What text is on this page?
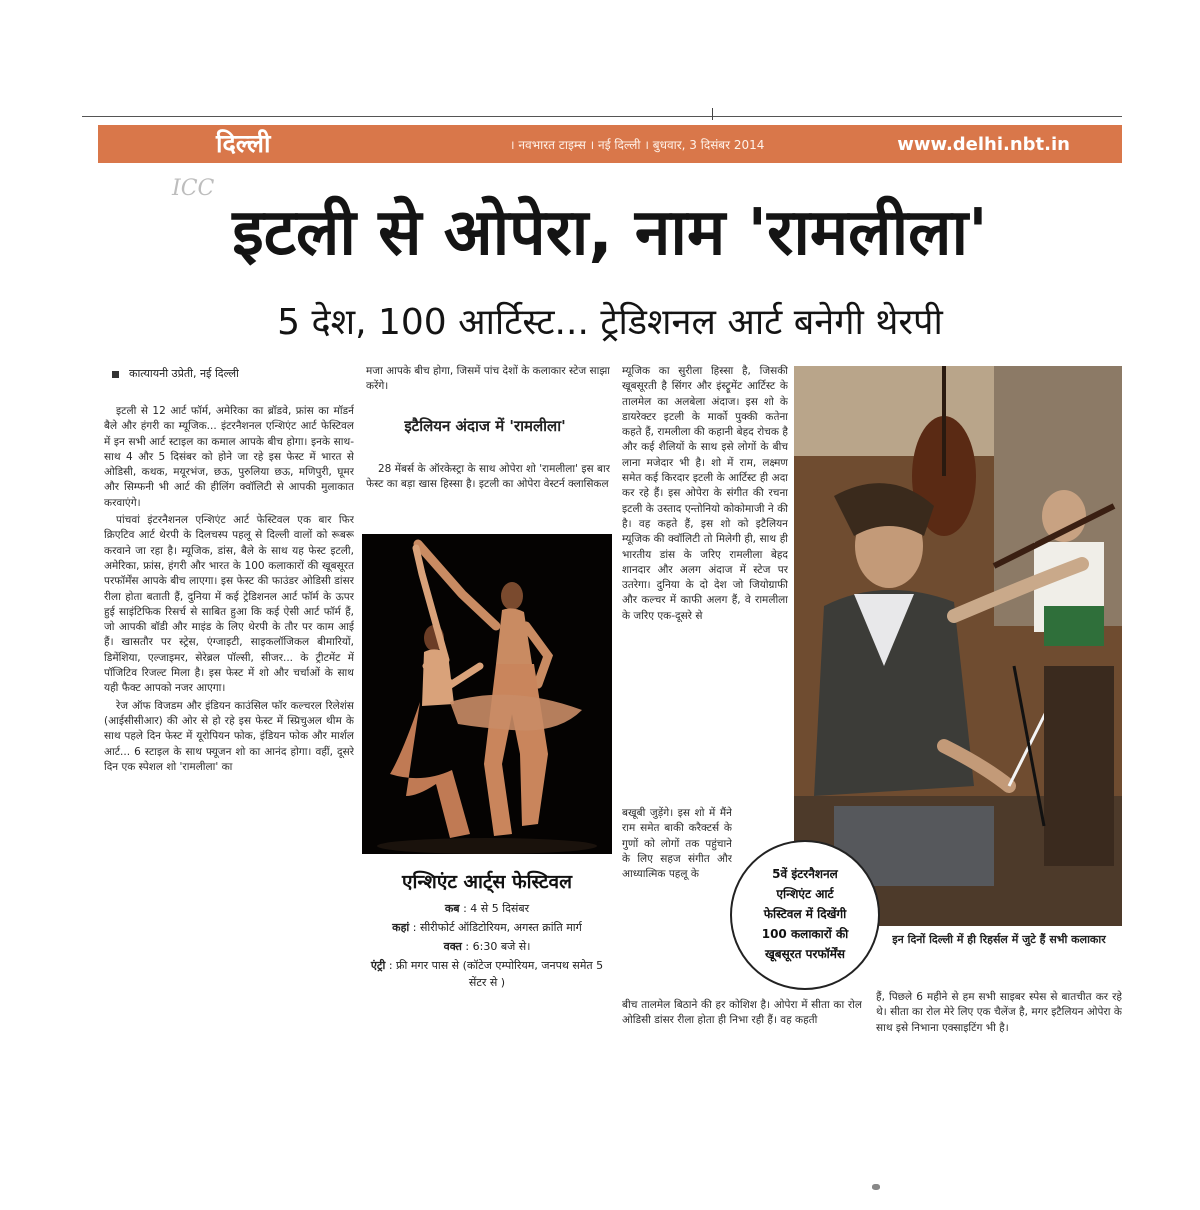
दिल्ली	। नवभारत टाइम्स । नई दिल्ली । बुधवार, 3 दिसंबर 2014	www.delhi.nbt.in
ICC
इटली से ओपेरा, नाम 'रामलीला'
5 देश, 100 आर्टिस्ट... ट्रेडिशनल आर्ट बनेगी थेरपी
कात्यायनी उप्रेती, नई दिल्ली

इटली से 12 आर्ट फॉर्म, अमेरिका का ब्रॉडवे, फ्रांस का मॉडर्न बैले और हंगरी का म्यूजिक... इंटरनैशनल एन्शिएंट आर्ट फेस्टिवल में इन सभी आर्ट स्टाइल का कमाल आपके बीच होगा। इनके साथ-साथ 4 और 5 दिसंबर को होने जा रहे इस फेस्ट में भारत से ओडिसी, कथक, मयूरभंज, छऊ, पुरुलिया छऊ, मणिपुरी, घूमर और सिम्फनी भी आर्ट की हीलिंग क्वॉलिटी से आपकी मुलाकात करवाएंगे।

पांचवां इंटरनैशनल एन्शिएंट आर्ट फेस्टिवल एक बार फिर क्रिएटिव आर्ट थेरपी के दिलचस्प पहलू से दिल्ली वालों को रूबरू करवाने जा रहा है। म्यूजिक, डांस, बैले के साथ यह फेस्ट इटली, अमेरिका, फ्रांस, हंगरी और भारत के 100 कलाकारों की खूबसूरत परफॉर्मेंस आपके बीच लाएगा। इस फेस्ट की फाउंडर ओडिसी डांसर रीला होता बताती हैं, दुनिया में कई ट्रेडिशनल आर्ट फॉर्म के ऊपर हुई साइंटिफिक रिसर्च से साबित हुआ कि कई ऐसी आर्ट फॉर्म हैं, जो आपकी बॉडी और माइंड के लिए थेरपी के तौर पर काम आई हैं। खासतौर पर स्ट्रेस, एंग्जाइटी, साइकलॉजिकल बीमारियों, डिमेंशिया, एल्जाइमर, सेरेब्रल पॉल्सी, सीजर... के ट्रीटमेंट में पॉजिटिव रिजल्ट मिला है। इस फेस्ट में शो और चर्चाओं के साथ यही फैक्ट आपको नजर आएगा।

रेज ऑफ विजडम और इंडियन काउंसिल फॉर कल्चरल रिलेशंस (आईसीसीआर) की ओर से हो रहे इस फेस्ट में स्प्रिचुअल थीम के साथ पहले दिन फेस्ट में यूरोपियन फोक, इंडियन फोक और मार्शल आर्ट... 6 स्टाइल के साथ फ्यूजन शो का आनंद होगा। वहीं, दूसरे दिन एक स्पेशल शो 'रामलीला' का

मजा आपके बीच होगा, जिसमें पांच देशों के कलाकार स्टेज साझा करेंगे।

इटैलियन अंदाज में 'रामलीला'

28 मेंबर्स के ऑरकेस्ट्रा के साथ ओपेरा शो 'रामलीला' इस बार फेस्ट का बड़ा खास हिस्सा है। इटली का ओपेरा वेस्टर्न क्लासिकल

एन्शिएंट आर्ट्स फेस्टिवल
कब : 4 से 5 दिसंबर
कहां : सीरीफोर्ट ऑडिटोरियम, अगस्त क्रांति मार्ग
वक्त : 6:30 बजे से।
एंट्री : फ्री मगर पास से (कॉटेज एम्पोरियम, जनपथ समेत 5 सेंटर से )

म्यूजिक का सुरीला हिस्सा है, जिसकी खूबसूरती है सिंगर और इंस्ट्रूमेंट आर्टिस्ट के तालमेल का अलबेला अंदाज। इस शो के डायरेक्टर इटली के मार्को पुक्की कतेना कहते हैं, रामलीला की कहानी बेहद रोचक है और कई शैलियों के साथ इसे लोगों के बीच लाना मजेदार भी है। शो में राम, लक्ष्मण समेत कई किरदार इटली के आर्टिस्ट ही अदा कर रहे हैं। इस ओपेरा के संगीत की रचना इटली के उस्ताद एन्तोनियो कोकोमाजी ने की है। वह कहते हैं, इस शो को इटैलियन म्यूजिक की क्वॉलिटी तो मिलेगी ही, साथ ही भारतीय डांस के जरिए रामलीला बेहद शानदार और अलग अंदाज में स्टेज पर उतरेगा। दुनिया के दो देश जो जियोग्राफी और कल्चर में काफी अलग हैं, वे रामलीला के जरिए एक-दूसरे से

बखूबी जुड़ेंगे। इस शो में मैंने राम समेत बाकी करैक्टर्स के गुणों को लोगों तक पहुंचाने के लिए सहज संगीत और आध्यात्मिक पहलू के

बीच तालमेल बिठाने की हर कोशिश है। ओपेरा में सीता का रोल ओडिसी डांसर रीला होता ही निभा रही हैं। वह कहती

5वें इंटरनैशनल
एन्शिएंट आर्ट
फेस्टिवल में दिखेंगी
100 कलाकारों की
खूबसूरत परफॉर्मेंस
इन दिनों दिल्ली में ही रिहर्सल में जुटे हैं सभी कलाकार

हैं, पिछले 6 महीने से हम सभी साइबर स्पेस से बातचीत कर रहे थे। सीता का रोल मेरे लिए एक चैलेंज है, मगर इटैलियन ओपेरा के साथ इसे निभाना एक्साइटिंग भी है।
